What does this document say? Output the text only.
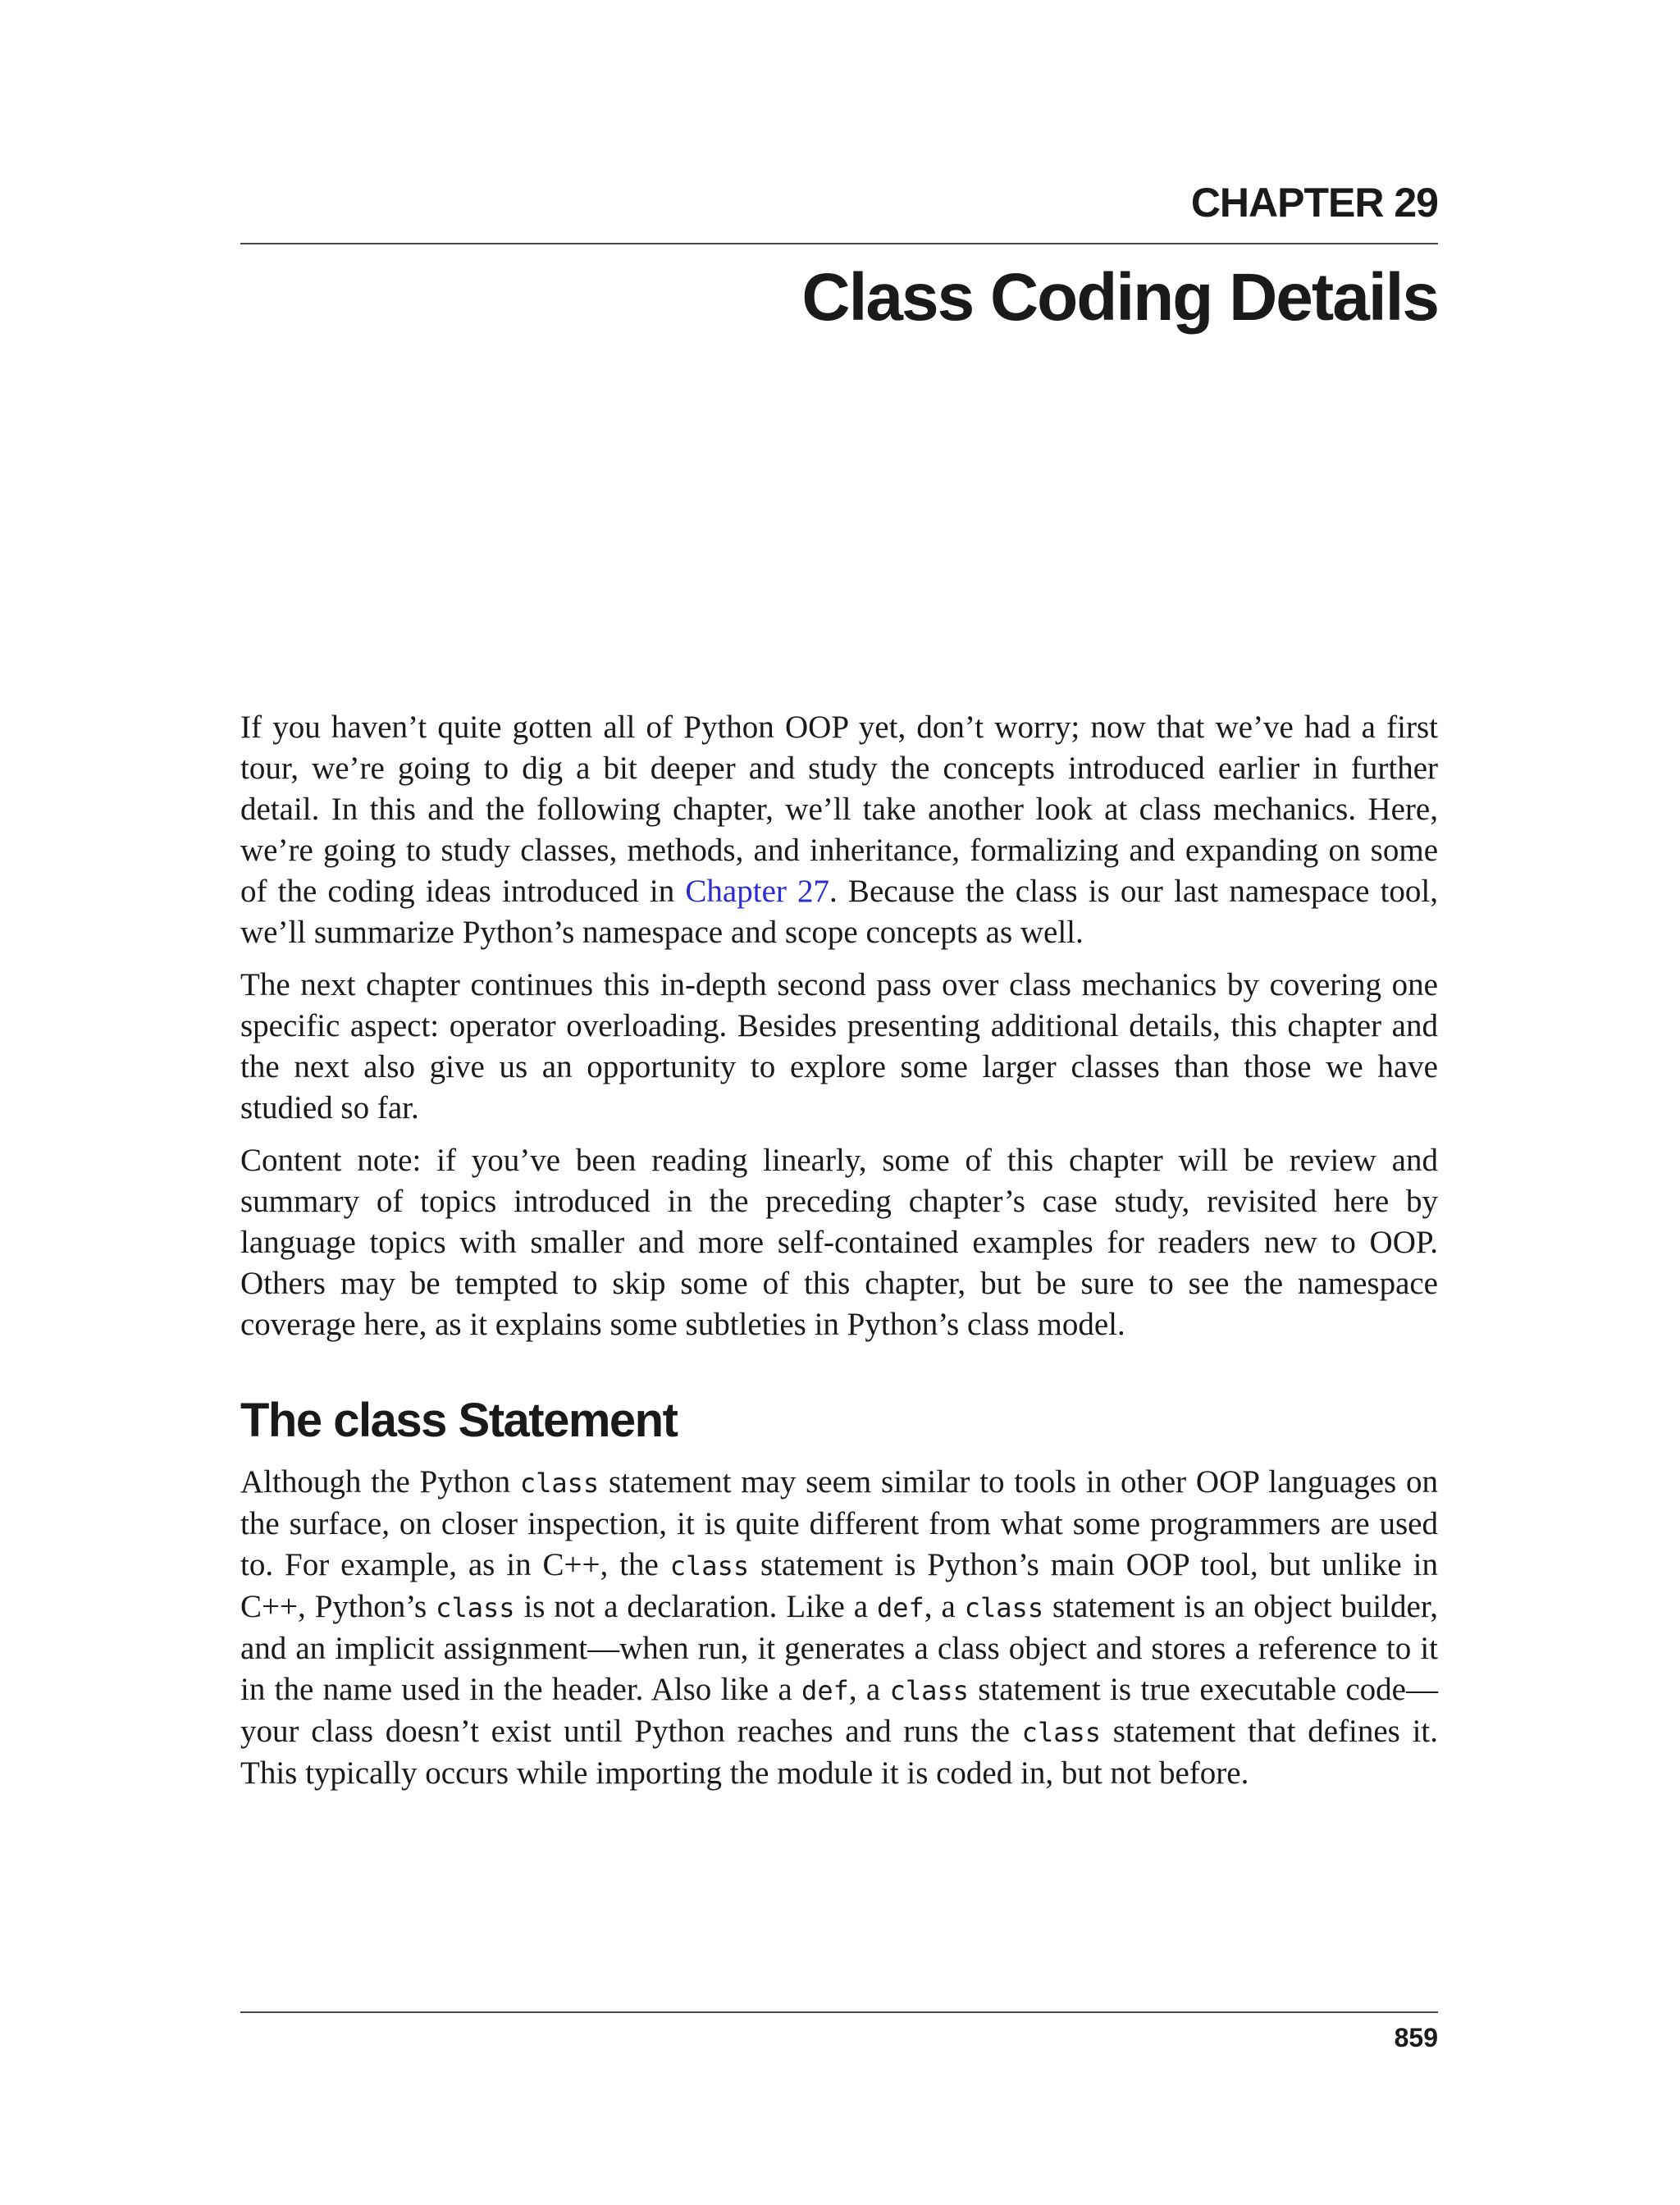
CHAPTER 29
Class Coding Details

If you haven’t quite gotten all of Python OOP yet, don’t worry; now that we’ve had a first tour, we’re going to dig a bit deeper and study the concepts introduced earlier in further detail. In this and the following chapter, we’ll take another look at class mechanics. Here, we’re going to study classes, methods, and inheritance, formalizing and expanding on some of the coding ideas introduced in Chapter 27. Because the class is our last namespace tool, we’ll summarize Python’s namespace and scope concepts as well.

The next chapter continues this in-depth second pass over class mechanics by covering one specific aspect: operator overloading. Besides presenting additional details, this chapter and the next also give us an opportunity to explore some larger classes than those we have studied so far.

Content note: if you’ve been reading linearly, some of this chapter will be review and summary of topics introduced in the preceding chapter’s case study, revisited here by language topics with smaller and more self-contained examples for readers new to OOP. Others may be tempted to skip some of this chapter, but be sure to see the namespace coverage here, as it explains some subtleties in Python’s class model.

The class Statement

Although the Python class statement may seem similar to tools in other OOP languages on the surface, on closer inspection, it is quite different from what some programmers are used to. For example, as in C++, the class statement is Python’s main OOP tool, but unlike in C++, Python’s class is not a declaration. Like a def, a class statement is an object builder, and an implicit assignment—when run, it generates a class object and stores a reference to it in the name used in the header. Also like a def, a class statement is true executable code—your class doesn’t exist until Python reaches and runs the class statement that defines it. This typically occurs while importing the module it is coded in, but not before.

859
